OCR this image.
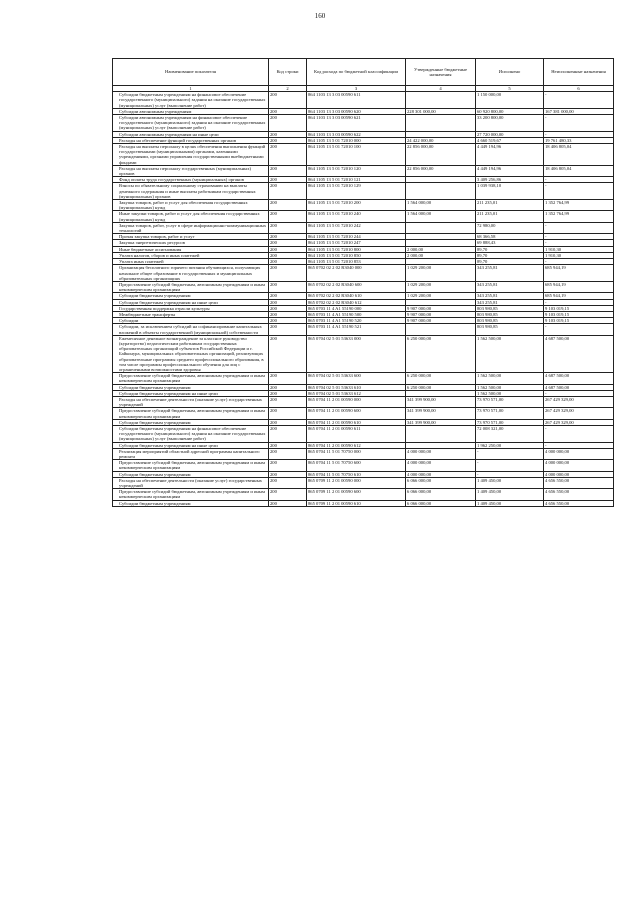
160
Наименование показателя	Код строки	Код расхода по бюджетной классификации	Утвержденные бюджетные назначения	Исполнено	Неисполненные назначения
1	2	3	4	5	6
Субсидии бюджетным учреждениям на финансовое обеспечение государственного (муниципального) задания на оказание государственных (муниципальных) услуг (выполнение работ)	200	864 1103 13 3 03 00590 611		1 150 000,00	-
Субсидии автономным учреждениям	200	864 1103 13 3 03 00590 620	228 301 000,00	60 920 800,00	167 381 000,00
Субсидии автономным учреждениям на финансовое обеспечение государственного (муниципального) задания на оказание государственных (муниципальных) услуг (выполнение работ)	200	864 1103 13 3 03 00590 621		33 200 800,00	-
Субсидии автономным учреждениям на иные цели	200	864 1103 13 3 03 00590 622		27 720 000,00	-
Расходы на обеспечение функций государственных органов	200	864 1105 13 5 01 72010 000	24 422 000,00	4 660 519,67	19 761 480,33
Расходы на выплаты персоналу в целях обеспечения выполнения функций государственными (муниципальными) органами, казенными учреждениями, органами управления государственными внебюджетными фондами	200	864 1105 13 5 01 72010 100	22 856 000,00	4 449 194,96	18 406 805,04
Расходы на выплаты персоналу государственных (муниципальных) органов	200	864 1105 13 5 01 72010 120	22 856 000,00	4 449 194,96	18 406 805,04
Фонд оплаты труда государственных (муниципальных) органов	200	864 1105 13 5 01 72010 121		3 409 256,86	-
Взносы по обязательному социальному страхованию на выплаты денежного содержания и иные выплаты работникам государственных (муниципальных) органов	200	864 1105 13 5 01 72010 129		1 039 938,10	-
Закупка товаров, работ и услуг для обеспечения государственных (муниципальных) нужд	200	864 1105 13 5 01 72010 200	1 564 000,00	211 235,01	1 352 764,99
Иные закупки товаров, работ и услуг для обеспечения государственных (муниципальных) нужд	200	864 1105 13 5 01 72010 240	1 564 000,00	211 235,01	1 352 764,99
Закупка товаров, работ, услуг в сфере информационно-коммуникационных технологий	200	864 1105 13 5 01 72010 242		72 980,00	-
Прочая закупка товаров, работ и услуг	200	864 1105 13 5 01 72010 244		68 366,58	-
Закупка энергетических ресурсов	200	864 1105 13 5 01 72010 247		69 888,43	-
Иные бюджетные ассигнования	200	864 1105 13 5 01 72010 800	2 000,00	89,70	1 910,30
Уплата налогов, сборов и иных платежей	200	864 1105 13 5 01 72010 850	2 000,00	89,70	1 910,30
Уплата иных платежей	200	864 1105 13 5 01 72010 853		89,70	-
Организация бесплатного горячего питания обучающихся, получающих начальное общее образование в государственных и муниципальных образовательных организациях	200	865 0702 02 2 02 R3040 000	1 029 200,00	343 255,81	685 944,19
Предоставление субсидий бюджетным, автономным учреждениям и иным некоммерческим организациям	200	865 0702 02 2 02 R3040 600	1 029 200,00	343 255,81	685 944,19
Субсидии бюджетным учреждениям	200	865 0702 02 2 02 R3040 610	1 029 200,00	343 255,81	685 944,19
Субсидии бюджетным учреждениям на иные цели	200	865 0702 02 2 02 R3040 612		343 255,81	-
Государственная поддержка отрасли культуры	200	865 0703 11 4 A1 55190 000	9 907 000,00	803 980,85	9 103 019,15
Межбюджетные трансферты	200	865 0703 11 4 A1 55190 500	9 907 000,00	803 980,85	9 103 019,15
Субсидии	200	865 0703 11 4 A1 55190 520	9 907 000,00	803 980,85	9 103 019,15
Субсидии, за исключением субсидий на софинансирование капитальных вложений в объекты государственной (муниципальной) собственности	200	865 0703 11 4 A1 55190 521		803 980,85	-
Ежемесячное денежное вознаграждение за классное руководство (кураторство) педагогическим работникам государственных образовательных организаций субъектов Российской Федерации и г. Байконура, муниципальных образовательных организаций, реализующих образовательные программы среднего профессионального образования, в том числе программы профессионального обучения для лиц с ограниченными возможностями здоровья	200	865 0704 02 5 01 53633 000	6 250 000,00	1 562 500,00	4 687 500,00
Предоставление субсидий бюджетным, автономным учреждениям и иным некоммерческим организациям	200	865 0704 02 5 01 53633 600	6 250 000,00	1 562 500,00	4 687 500,00
Субсидии бюджетным учреждениям	200	865 0704 02 5 01 53633 610	6 250 000,00	1 562 500,00	4 687 500,00
Субсидии бюджетным учреждениям на иные цели	200	865 0704 02 5 01 53633 612		1 562 500,00	-
Расходы на обеспечение деятельности (оказание услуг) государственных учреждений	200	865 0704 11 2 01 00590 000	341 399 900,00	73 970 571,00	267 429 329,00
Предоставление субсидий бюджетным, автономным учреждениям и иным некоммерческим организациям	200	865 0704 11 2 01 00590 600	341 399 900,00	73 970 571,00	267 429 329,00
Субсидии бюджетным учреждениям	200	865 0704 11 2 01 00590 610	341 399 900,00	73 970 571,00	267 429 329,00
Субсидии бюджетным учреждениям на финансовое обеспечение государственного (муниципального) задания на оказание государственных (муниципальных) услуг (выполнение работ)	200	865 0704 11 2 01 00590 611		72 008 321,00	-
Субсидии бюджетным учреждениям на иные цели	200	865 0704 11 2 01 00590 612		1 962 250,00	-
Реализация мероприятий областной адресной программы капитального ремонта	200	865 0704 11 5 01 70750 000	4 000 000,00	-	4 000 000,00
Предоставление субсидий бюджетным, автономным учреждениям и иным некоммерческим организациям	200	865 0704 11 5 01 70750 600	4 000 000,00	-	4 000 000,00
Субсидии бюджетным учреждениям	200	865 0704 11 5 01 70750 610	4 000 000,00	-	4 000 000,00
Расходы на обеспечение деятельности (оказание услуг) государственных учреждений	200	865 0709 11 2 01 00590 000	6 066 000,00	1 409 450,00	4 656 550,00
Предоставление субсидий бюджетным, автономным учреждениям и иным некоммерческим организациям	200	865 0709 11 2 01 00590 600	6 066 000,00	1 409 450,00	4 656 550,00
Субсидии бюджетным учреждениям	200	865 0709 11 2 01 00590 610	6 066 000,00	1 409 450,00	4 656 550,00
